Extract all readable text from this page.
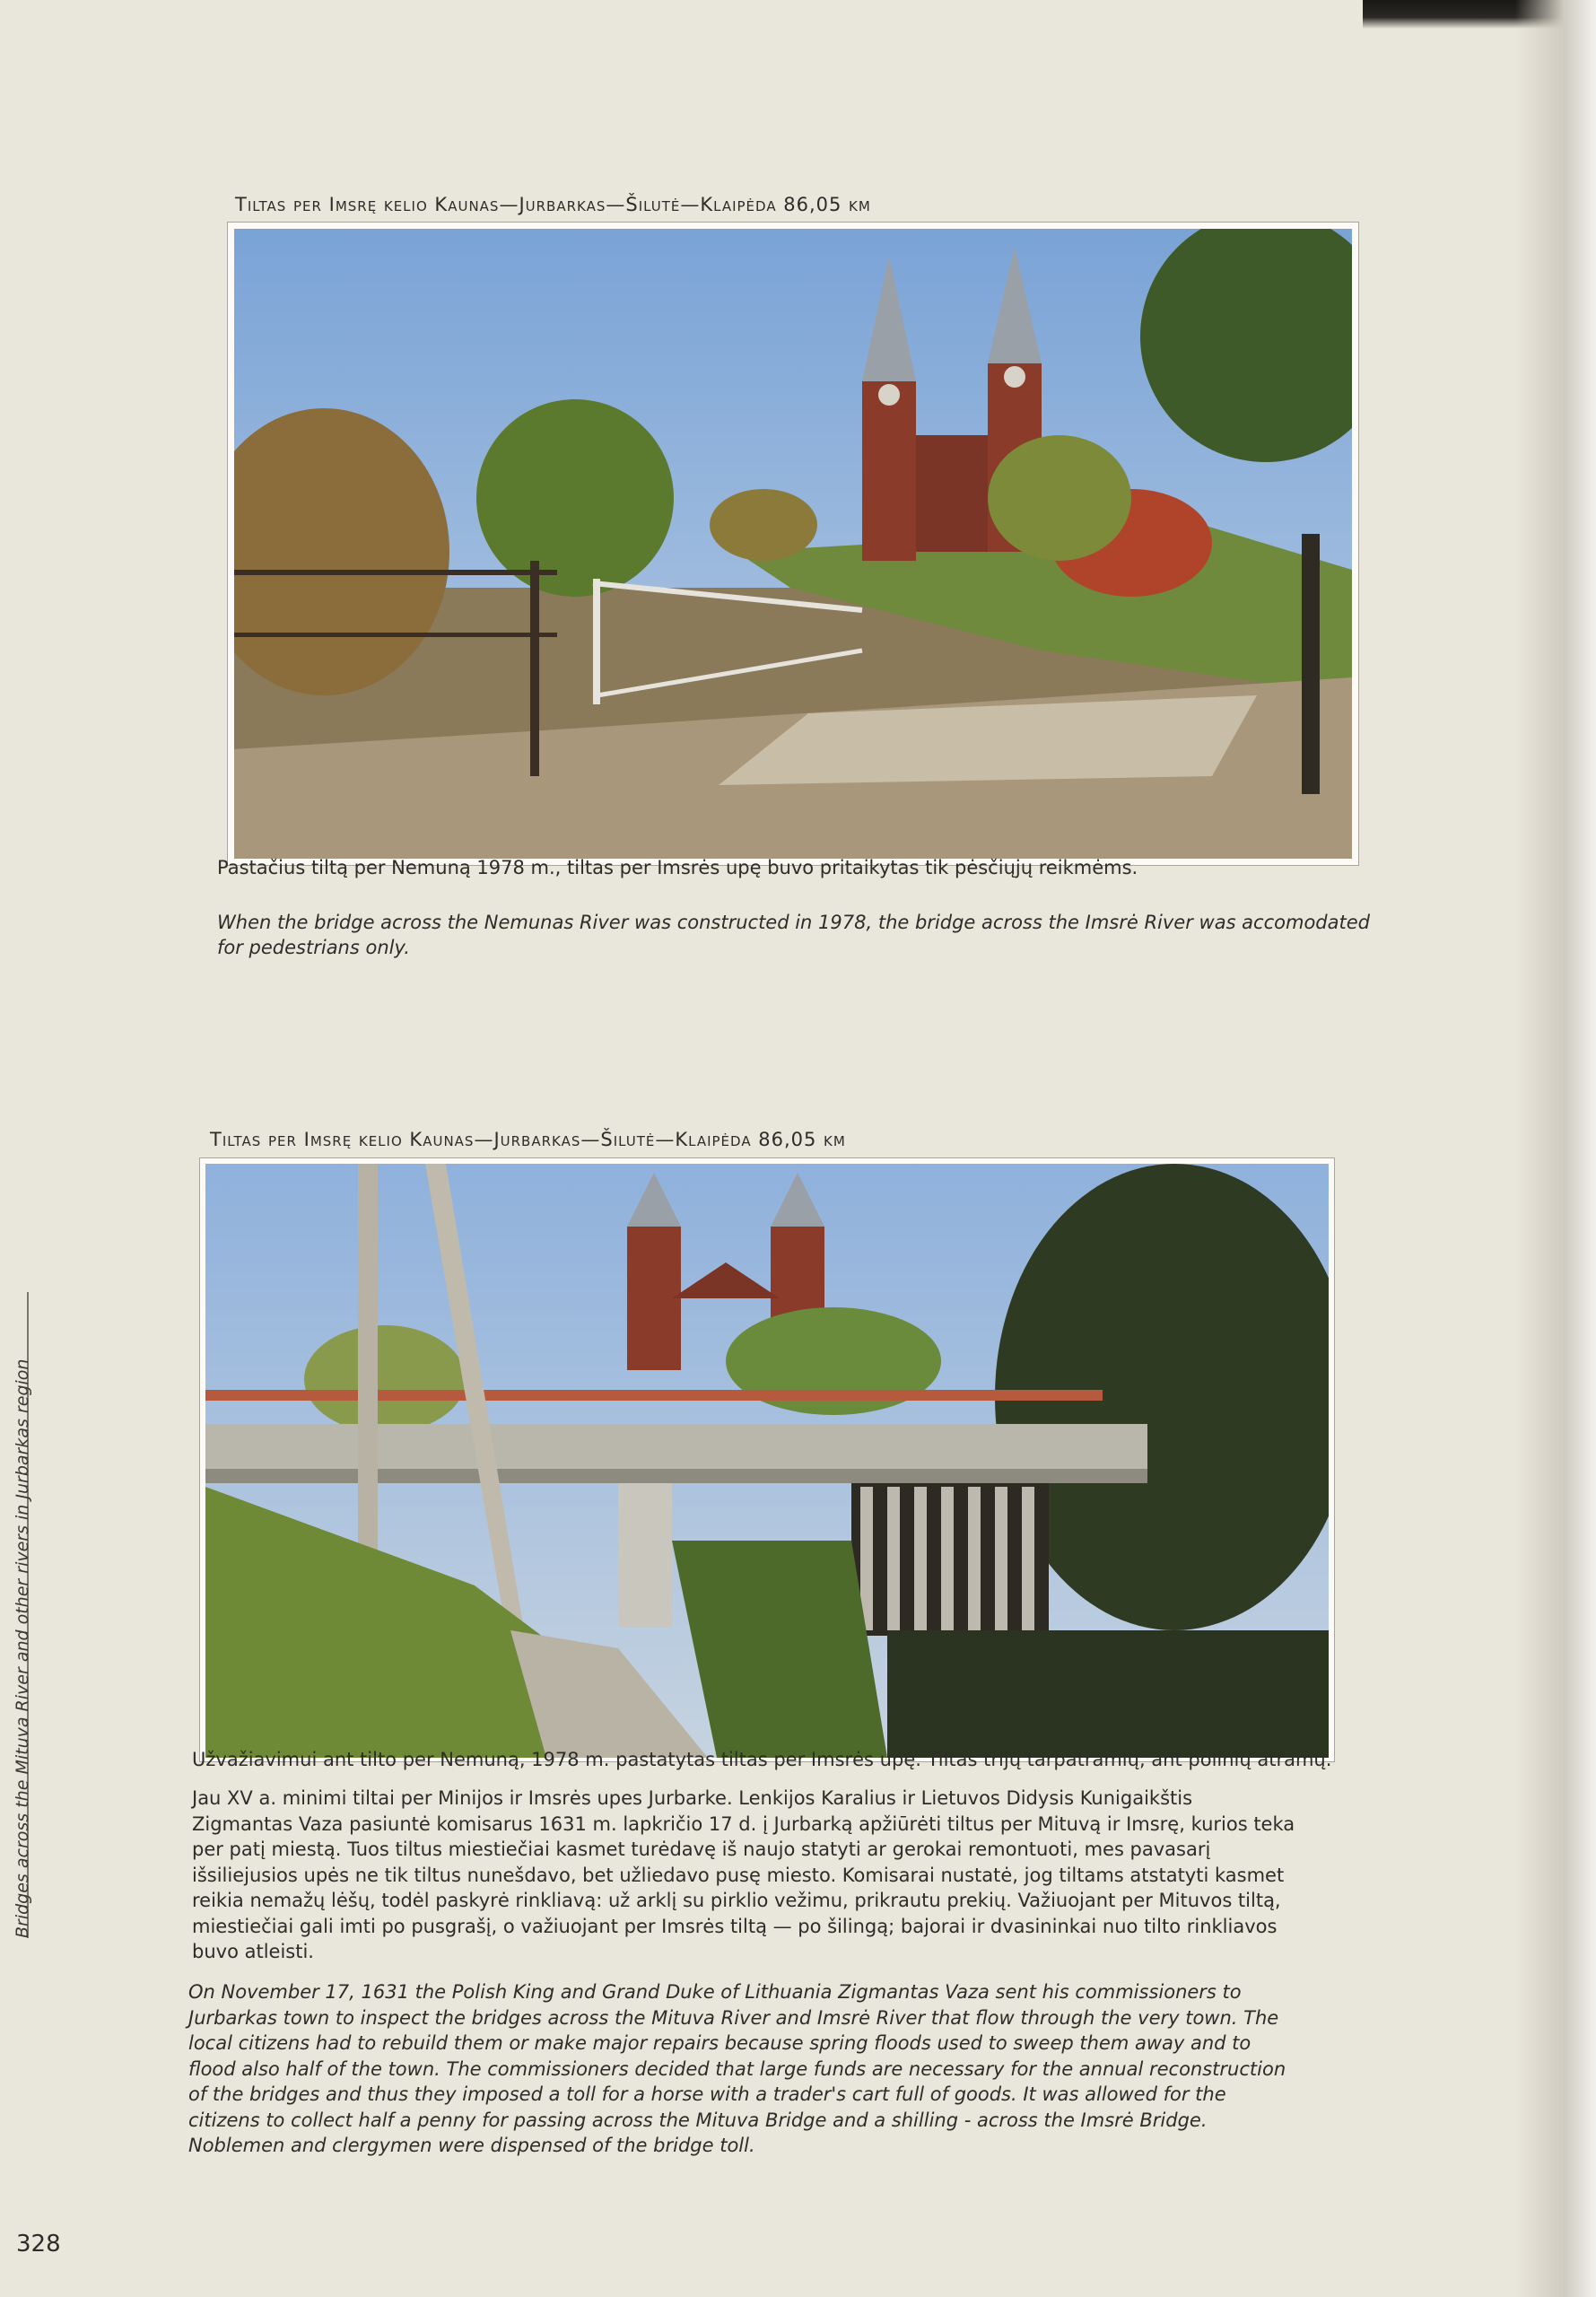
Tiltas per Imsrę kelio Kaunas—Jurbarkas—Šilutė—Klaipėda 86,05 km
Pastačius tiltą per Nemuną 1978 m., tiltas per Imsrės upę buvo pritaikytas tik pėsčiųjų reikmėms.
When the bridge across the Nemunas River was constructed in 1978, the bridge across the Imsrė River was accomodated for pedestrians only.
Tiltas per Imsrę kelio Kaunas—Jurbarkas—Šilutė—Klaipėda 86,05 km
Užvažiavimui ant tilto per Nemuną, 1978 m. pastatytas tiltas per Imsrės upę. Tiltas trijų tarpatramių, ant polinių atramų.
Jau XV a. minimi tiltai per Minijos ir Imsrės upes Jurbarke. Lenkijos Karalius ir Lietuvos Didysis Kunigaikštis Zigmantas Vaza pasiuntė komisarus 1631 m. lapkričio 17 d. į Jurbarką apžiūrėti tiltus per Mituvą ir Imsrę, kurios teka per patį miestą. Tuos tiltus miestiečiai kasmet turėdavę iš naujo statyti ar gerokai remontuoti, mes pavasarį išsiliejusios upės ne tik tiltus nunešdavo, bet užliedavo pusę miesto. Komisarai nustatė, jog tiltams atstatyti kasmet reikia nemažų lėšų, todėl paskyrė rinkliavą: už arklį su pirklio vežimu, prikrautu prekių. Važiuojant per Mituvos tiltą, miestiečiai gali imti po pusgrašį, o važiuojant per Imsrės tiltą — po šilingą; bajorai ir dvasininkai nuo tilto rinkliavos buvo atleisti.
On November 17, 1631 the Polish King and Grand Duke of Lithuania Zigmantas Vaza sent his commissioners to Jurbarkas town to inspect the bridges across the Mituva River and Imsrė River that flow through the very town. The local citizens had to rebuild them or make major repairs because spring floods used to sweep them away and to flood also half of the town. The commissioners decided that large funds are necessary for the annual reconstruction of the bridges and thus they imposed a toll for a horse with a trader's cart full of goods. It was allowed for the citizens to collect half a penny for passing across the Mituva Bridge and a shilling - across the Imsrė Bridge. Noblemen and clergymen were dispensed of the bridge toll.
Bridges across the Mituva River and other rivers in Jurbarkas region
328
